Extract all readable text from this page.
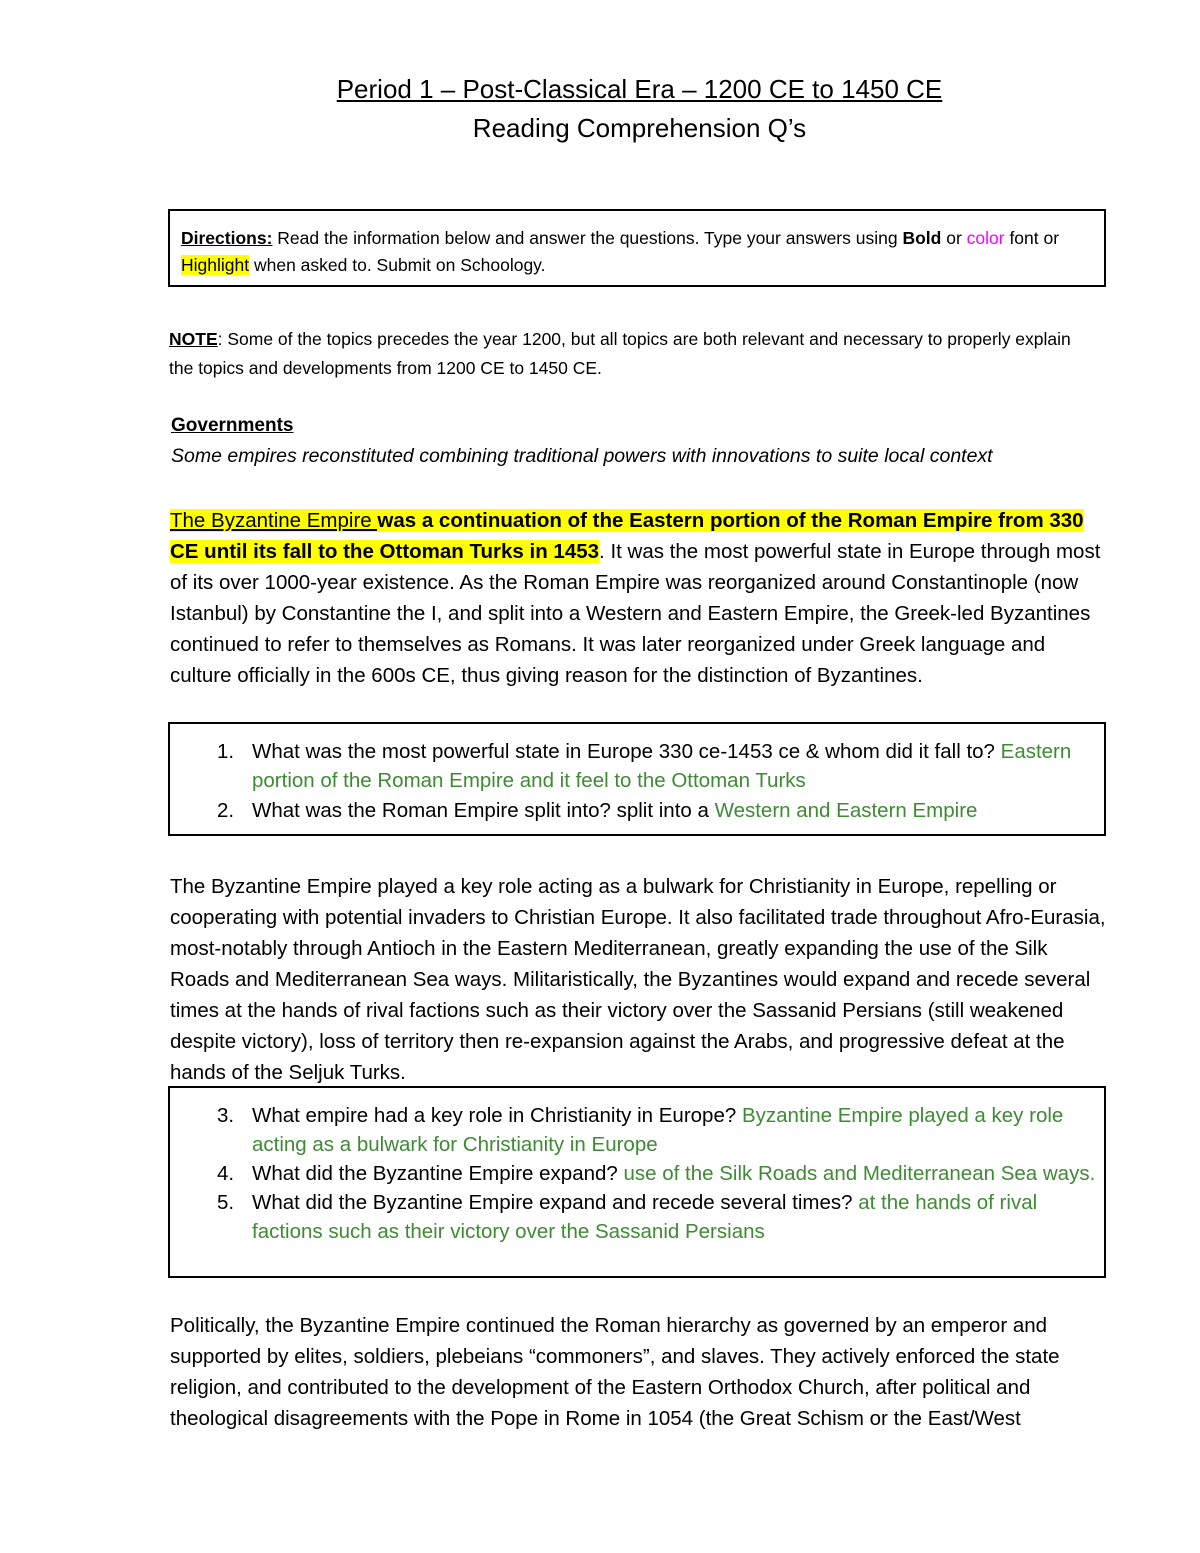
Period 1 – Post-Classical Era – 1200 CE to 1450 CE
Reading Comprehension Q’s
Directions: Read the information below and answer the questions. Type your answers using Bold or color font or Highlight when asked to. Submit on Schoology.
NOTE: Some of the topics precedes the year 1200, but all topics are both relevant and necessary to properly explain the topics and developments from 1200 CE to 1450 CE.
Governments
Some empires reconstituted combining traditional powers with innovations to suite local context
The Byzantine Empire was a continuation of the Eastern portion of the Roman Empire from 330 CE until its fall to the Ottoman Turks in 1453. It was the most powerful state in Europe through most of its over 1000-year existence. As the Roman Empire was reorganized around Constantinople (now Istanbul) by Constantine the I, and split into a Western and Eastern Empire, the Greek-led Byzantines continued to refer to themselves as Romans. It was later reorganized under Greek language and culture officially in the 600s CE, thus giving reason for the distinction of Byzantines.
1. What was the most powerful state in Europe 330 ce-1453 ce & whom did it fall to? Eastern portion of the Roman Empire and it feel to the Ottoman Turks
2. What was the Roman Empire split into? split into a Western and Eastern Empire
The Byzantine Empire played a key role acting as a bulwark for Christianity in Europe, repelling or cooperating with potential invaders to Christian Europe. It also facilitated trade throughout Afro-Eurasia, most-notably through Antioch in the Eastern Mediterranean, greatly expanding the use of the Silk Roads and Mediterranean Sea ways. Militaristically, the Byzantines would expand and recede several times at the hands of rival factions such as their victory over the Sassanid Persians (still weakened despite victory), loss of territory then re-expansion against the Arabs, and progressive defeat at the hands of the Seljuk Turks.
3. What empire had a key role in Christianity in Europe? Byzantine Empire played a key role acting as a bulwark for Christianity in Europe
4. What did the Byzantine Empire expand? use of the Silk Roads and Mediterranean Sea ways.
5. What did the Byzantine Empire expand and recede several times? at the hands of rival factions such as their victory over the Sassanid Persians
Politically, the Byzantine Empire continued the Roman hierarchy as governed by an emperor and supported by elites, soldiers, plebeians “commoners”, and slaves. They actively enforced the state religion, and contributed to the development of the Eastern Orthodox Church, after political and theological disagreements with the Pope in Rome in 1054 (the Great Schism or the East/West
